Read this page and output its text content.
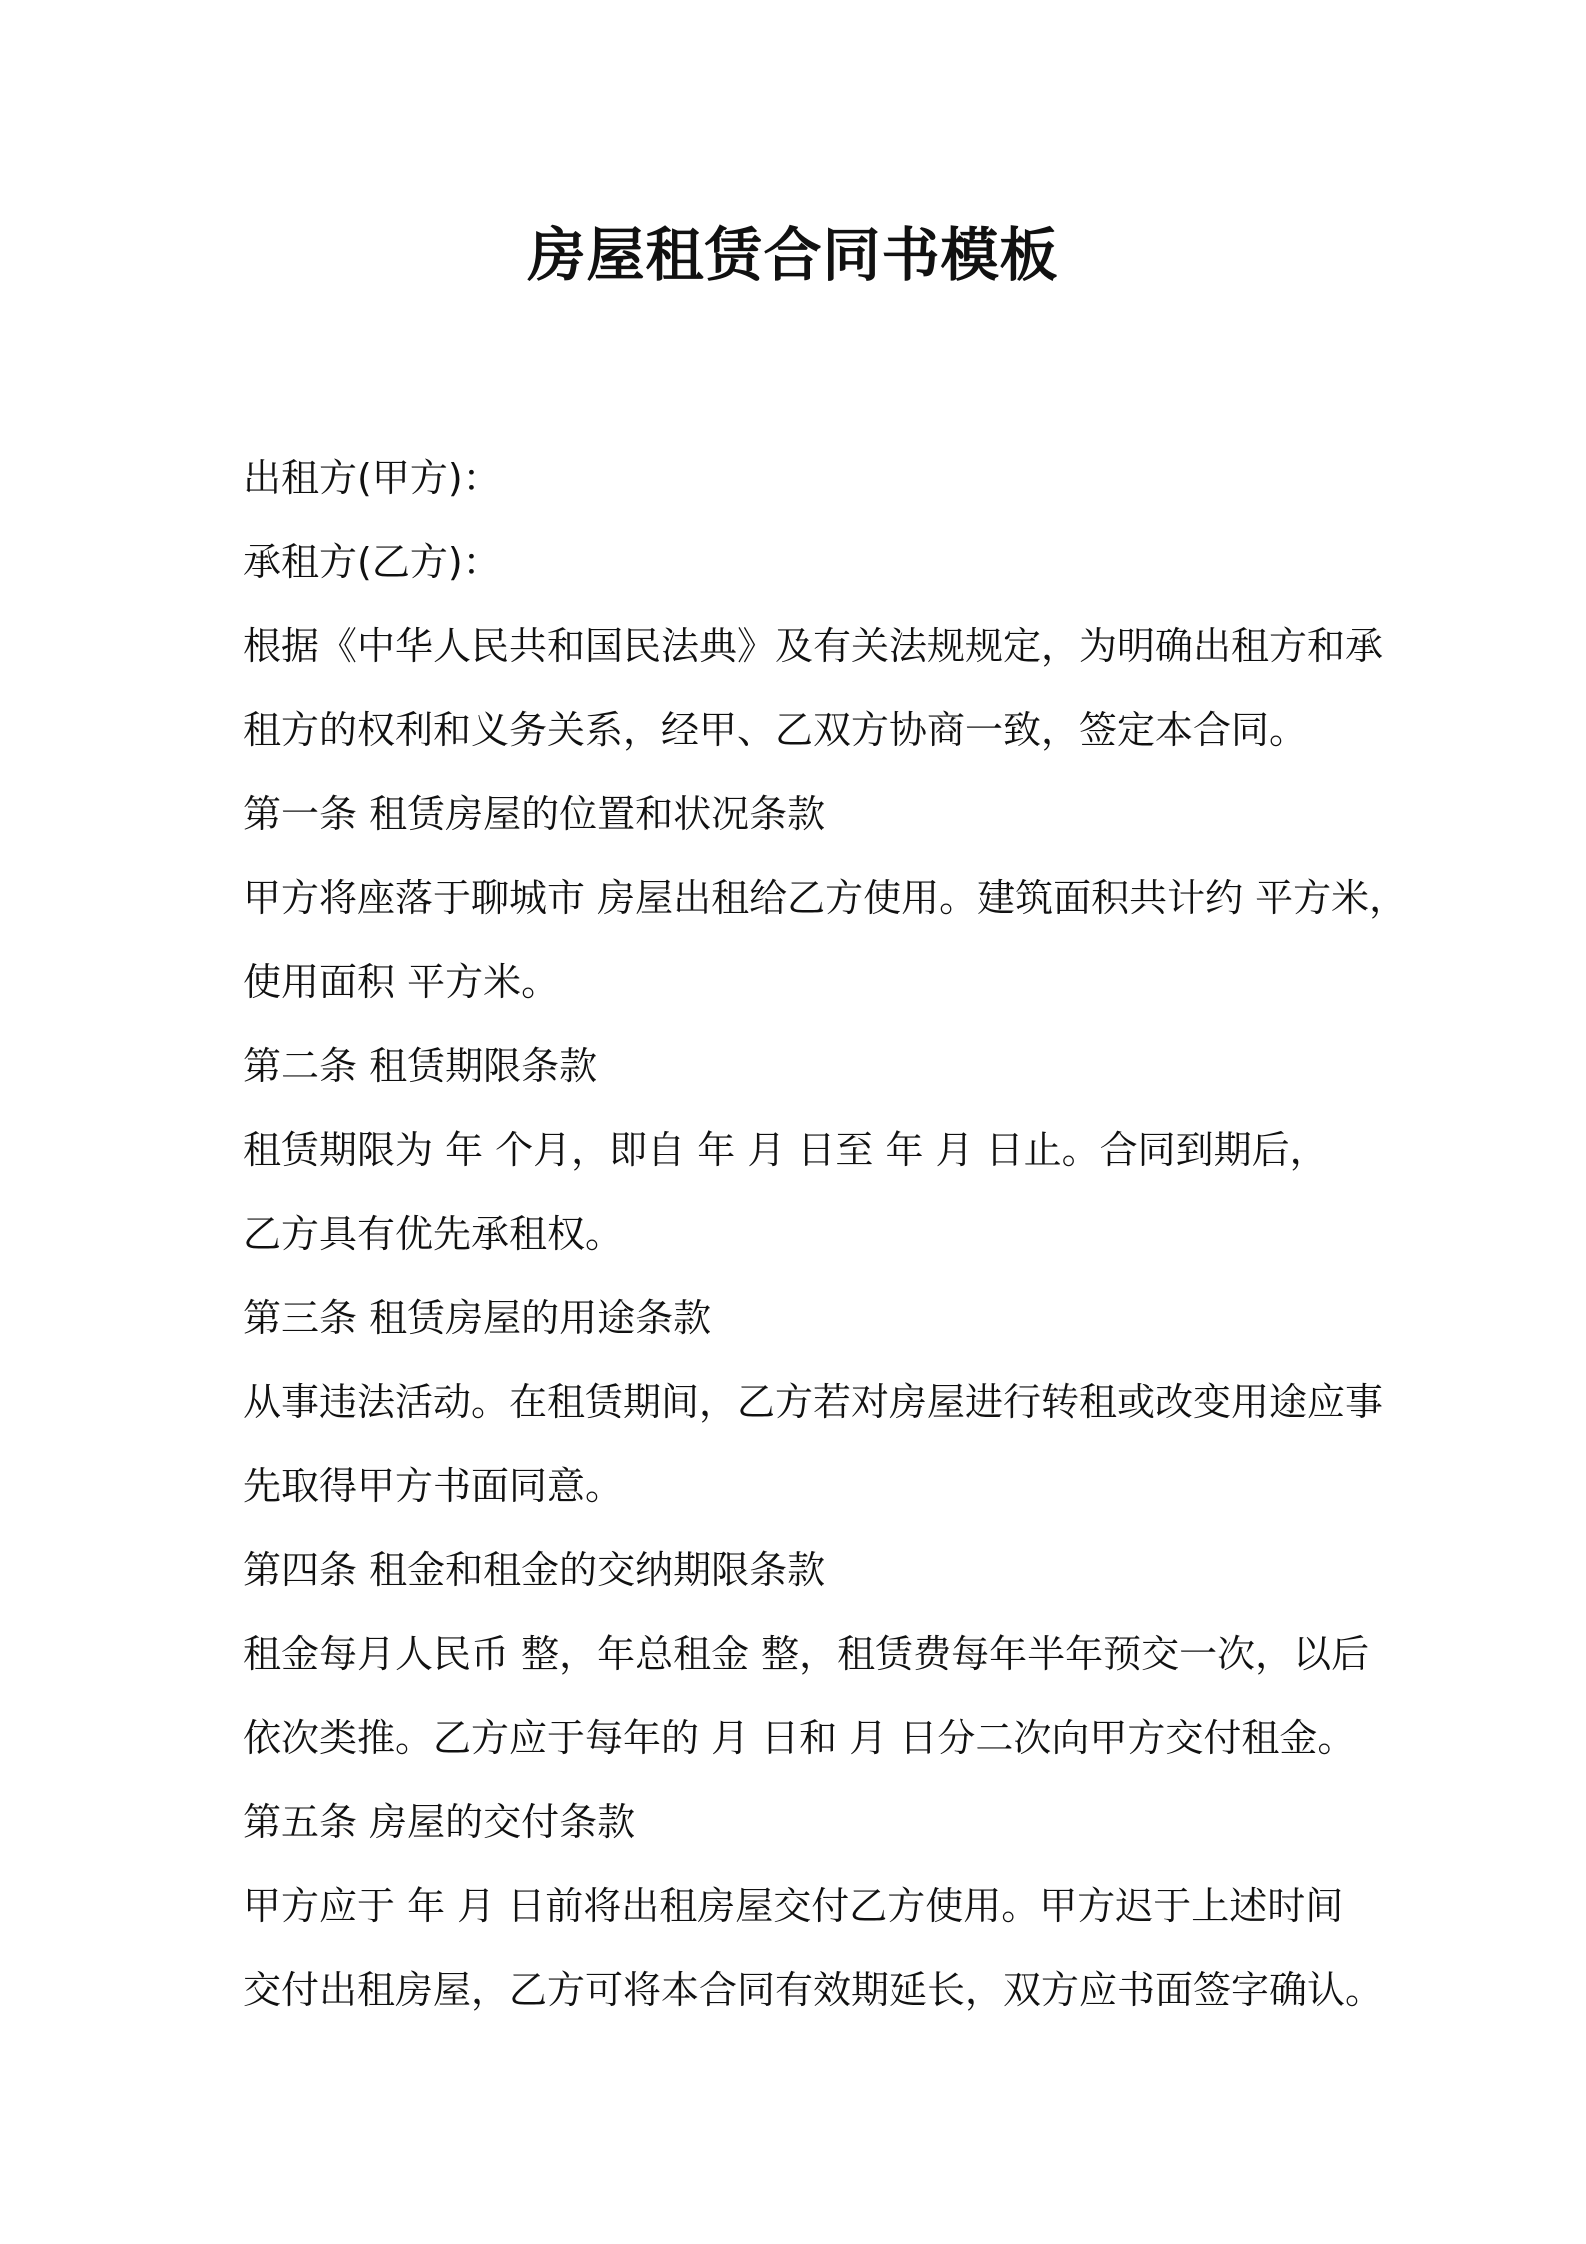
房屋租赁合同书模板
出租方(甲方)：
承租方(乙方)：
根据《中华人民共和国民法典》及有关法规规定，为明确出租方和承
租方的权利和义务关系，经甲、乙双方协商一致，签定本合同。
第一条 租赁房屋的位置和状况条款
甲方将座落于聊城市 房屋出租给乙方使用。建筑面积共计约 平方米，
使用面积 平方米。
第二条 租赁期限条款
租赁期限为 年 个月，即自 年 月 日至 年 月 日止。合同到期后，
乙方具有优先承租权。
第三条 租赁房屋的用途条款
从事违法活动。在租赁期间，乙方若对房屋进行转租或改变用途应事
先取得甲方书面同意。
第四条 租金和租金的交纳期限条款
租金每月人民币 整，年总租金 整，租赁费每年半年预交一次，以后
依次类推。乙方应于每年的 月 日和 月 日分二次向甲方交付租金。
第五条 房屋的交付条款
甲方应于 年 月 日前将出租房屋交付乙方使用。甲方迟于上述时间
交付出租房屋，乙方可将本合同有效期延长，双方应书面签字确认。
